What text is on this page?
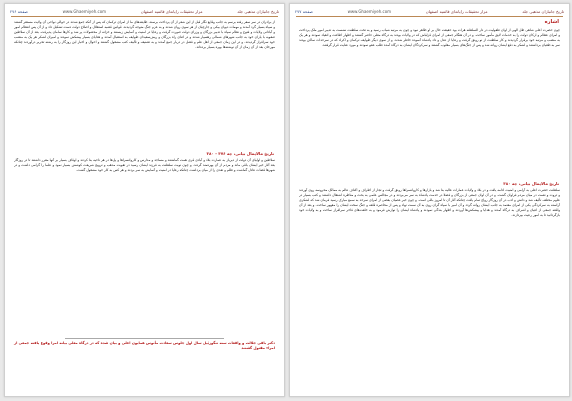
صفحه ۲۷۶	www.Ghaemiyeh.com	مزار تحقیقات رایانه‌ای قائمیه اصفهان	تاریخ جانبازان مذهبی جلد
از برادران در سر سفر رفته برسم به جانب وقایع نگار قبل از این شعر از آن پرداخت برسند، طایفه‌های ما از امرای ترکمان که پس از آنکه جمع شدند در حوالی نواحی آن ولایت مستقر گشتند و سپاه بسیار گرد آمدند و مهمات دیوان بیکی و جارچیان از هر سوی روان شدند و به عزم جنگ متوجه گردیدند. قوانین قصبه استقلال و اصلاح دولت دست تشکیل داد و از آن پس انتظام امور و آبادانی ولایات و فتوح و نظام سپاه با تدبیر بزرگان و وزرای دولت صورت گرفت و رعایا در امنیت و آسایش زیستند و خزانه از محصولات پر شد و کارها سامان پذیرفت. بعد از آن سلاطین صفویه با یاران خود به جانب شهرهای شمالی رهسپار شدند و در اثنای راه بزرگان و ریش‌سفیدان طوایف به استقبال آمدند و هدایای بسیار پیشکش نمودند و امیران لشکر هر یک به منصب خود سرافراز گردیدند. و در این زمان جمعی از اهل علم و فضل در دربار جمع آمدند و به تصنیف و تألیف کتب مشغول گشتند و احوال و اخبار این روزگار را به رشته تحریر درآوردند چنانکه مورخان بعد از آن زمان از آن نوشته‌ها بهره بسیار برده‌اند.
تاریخ مالاپمال بیانی، چه ۳۷۶ - ۳۸۰
سلاطین و اولیای آن دولت از دیرباز به عمارت بلاد و آبادی قری همت گماشتند و مساجد و مدارس و کاروانسراها و پل‌ها در هر ناحیه بنا کردند و اوقاف بسیار بر آنها مقرر داشتند تا در روزگار بعد آثار خیر ایشان باقی ماند و مردم از آن بهره‌مند گردند. و چون نوبت سلطنت به فرزند ایشان رسید در تقویت مذهب و ترویج شریعت کوشش بسیار نمود و علما را گرامی داشت و در شهرها قضات عادل گماشت و ظلم و تعدی را از میان برداشت چنانکه رعایا در امنیت و آسایش به سر بردند و هر کس به کار خود مشغول گشت.
دکتر باقی جلالت و واقعات سنه تنگوزئیل سال اول جلوس سعادت مأنوس همایون اعلی و بیان شده که در درگاه معلی بیانه امرا وقوع یافته جمعی از امراء مقتول گشتند
صفحه ۲۷۷	www.Ghaemiyeh.com	مزار تحقیقات رایانه‌ای قائمیه اصفهان	تاریخ جانبازان مذهبی جلد
اشاره
چون حضرت اعلی شاهی ظل الهی از اوان طفولیت در دار السلطنه هرات بود حقیقت حال بر او ظاهر نبود و چون به مرتبه شباب رسید و به تخت سلطنت نشست به تدبیر امور ملک پرداخت و امرای عظام و ارکان دولت را به خدمات لایق مأمور ساخت. و در آن هنگام جمعی از امرای قزلباش که در ولایات بودند به درگاه معلی حاضر گشتند و اظهار اطاعت و انقیاد نمودند و هر یک به منصب و مرتبه خود برقرار گردیدند و کار سلطنت از نو رونق گرفت و رعایا از عدل و داد پادشاه آسوده خاطر شدند. و از سوی دیگر طوایف ترکمان و اکراد که در سرحدات ساکن بودند سر به طغیان برداشتند و لشکر به دفع ایشان روانه شد و پس از جنگ‌های بسیار مغلوب گشتند و سرکردگان ایشان به درگاه آمده طلب عفو نمودند و مورد عنایت قرار گرفتند.
تاریخ مالاپمال بیانی، چه ۳۸۰
سلطنت حضرت اعلی به آرامی و امنیت ادامه یافت و در بلاد و ولایات عمارات عالیه بنا شد و بازارها و کاروانسراها رونق گرفت و تجار از اطراف و اکناف عالم به ممالک محروسه روی آوردند و ثروت و نعمت در میان مردم فراوان گشت. و در آن اوان جمعی از بزرگان و فضلا در خدمت پادشاه به سر می‌بردند و در مجالس علمی به بحث و مناظره اشتغال داشتند و کتب بسیار در علوم مختلف تألیف شد و دانش و ادب در آن روزگار رواج تمام یافت چنانکه آثار آن تا امروز باقی است. و چون خبر عصیان بعضی از امرای سرحد به سمع مبارک رسید فرمان شد که لشکری آراسته به سرکردگی یکی از امرای معتمد به جانب ایشان روانه گردد و آن امیر با سپاه گران روی به آن سمت نهاد و پس از محاصره قلعه و جنگ سخت ایشان را مقهور ساخت. و بعد از آن واقعه جمعی از اعیان و اشراف به درگاه آمدند و هدایا و پیشکش‌ها آوردند و اظهار بندگی نمودند و پادشاه ایشان را نوازش فرمود و به خلعت‌های فاخر سرافراز ساخت و به ولایات خود بازگردانید تا به امور رعیت بپردازند.
